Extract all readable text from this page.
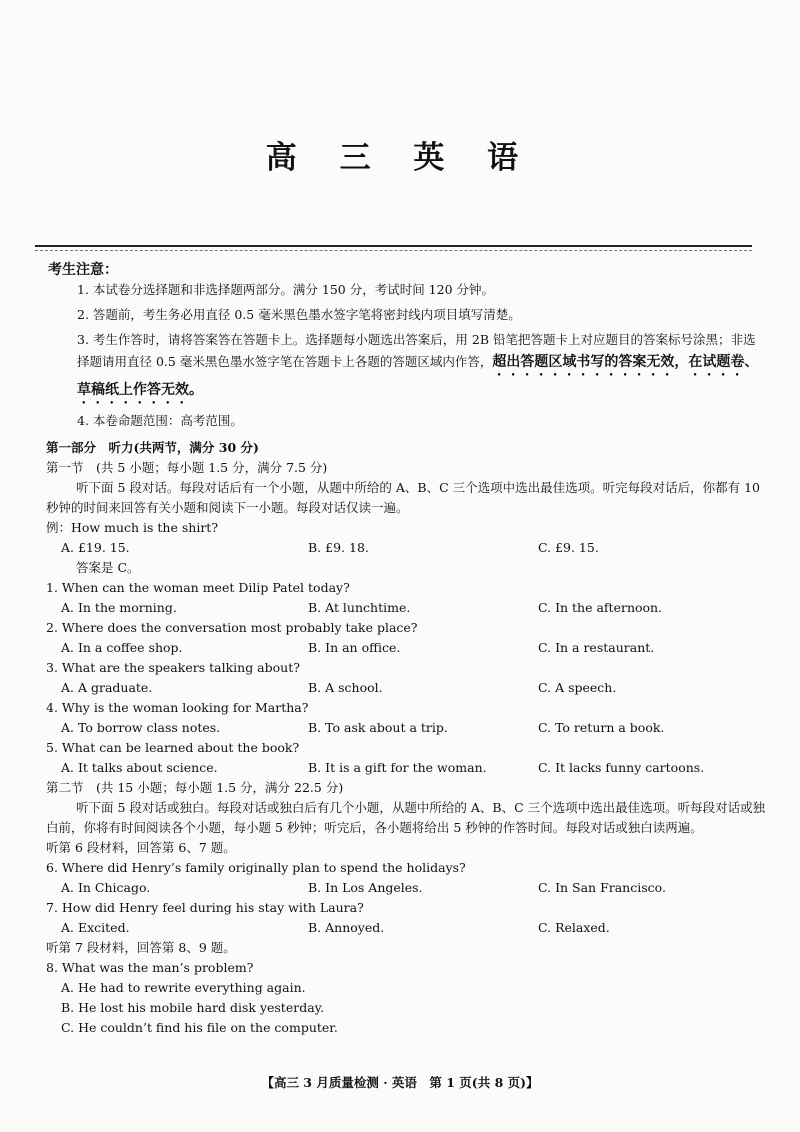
高 三 英 语
考生注意：
1. 本试卷分选择题和非选择题两部分。满分 150 分，考试时间 120 分钟。
2. 答题前，考生务必用直径 0.5 毫米黑色墨水签字笔将密封线内项目填写清楚。
3. 考生作答时，请将答案答在答题卡上。选择题每小题选出答案后，用 2B 铅笔把答题卡上对应题目的答案标号涂黑；非选择题请用直径 0.5 毫米黑色墨水签字笔在答题卡上各题的答题区域内作答，超出答题区域书写的答案无效，在试题卷、草稿纸上作答无效。
4. 本卷命题范围：高考范围。
第一部分　听力(共两节，满分 30 分)
第一节　(共 5 小题；每小题 1.5 分，满分 7.5 分)
听下面 5 段对话。每段对话后有一个小题，从题中所给的 A、B、C 三个选项中选出最佳选项。听完每段对话后，你都有 10 秒钟的时间来回答有关小题和阅读下一小题。每段对话仅读一遍。
例：How much is the shirt?
A. £19. 15.	B. £9. 18.	C. £9. 15.
答案是 C。
1. When can the woman meet Dilip Patel today?
A. In the morning.	B. At lunchtime.	C. In the afternoon.
2. Where does the conversation most probably take place?
A. In a coffee shop.	B. In an office.	C. In a restaurant.
3. What are the speakers talking about?
A. A graduate.	B. A school.	C. A speech.
4. Why is the woman looking for Martha?
A. To borrow class notes.	B. To ask about a trip.	C. To return a book.
5. What can be learned about the book?
A. It talks about science.	B. It is a gift for the woman.	C. It lacks funny cartoons.
第二节　(共 15 小题；每小题 1.5 分，满分 22.5 分)
听下面 5 段对话或独白。每段对话或独白后有几个小题，从题中所给的 A、B、C 三个选项中选出最佳选项。听每段对话或独白前，你将有时间阅读各个小题，每小题 5 秒钟；听完后，各小题将给出 5 秒钟的作答时间。每段对话或独白读两遍。
听第 6 段材料，回答第 6、7 题。
6. Where did Henry’s family originally plan to spend the holidays?
A. In Chicago.	B. In Los Angeles.	C. In San Francisco.
7. How did Henry feel during his stay with Laura?
A. Excited.	B. Annoyed.	C. Relaxed.
听第 7 段材料，回答第 8、9 题。
8. What was the man’s problem?
A. He had to rewrite everything again.
B. He lost his mobile hard disk yesterday.
C. He couldn’t find his file on the computer.
【高三 3 月质量检测 · 英语　第 1 页(共 8 页)】
